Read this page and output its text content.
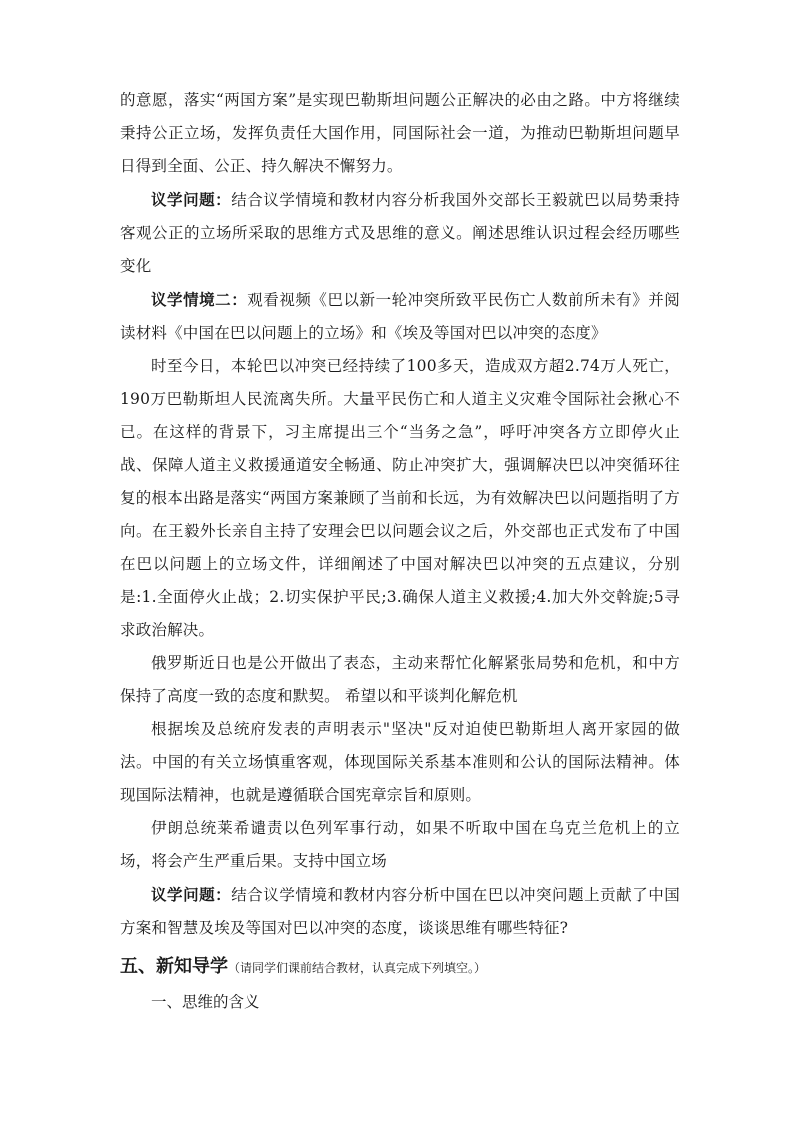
的意愿，落实“两国方案”是实现巴勒斯坦问题公正解决的必由之路。中方将继续秉持公正立场，发挥负责任大国作用，同国际社会一道，为推动巴勒斯坦问题早日得到全面、公正、持久解决不懈努力。

议学问题：结合议学情境和教材内容分析我国外交部长王毅就巴以局势秉持客观公正的立场所采取的思维方式及思维的意义。阐述思维认识过程会经历哪些变化

议学情境二：观看视频《巴以新一轮冲突所致平民伤亡人数前所未有》并阅读材料《中国在巴以问题上的立场》和《埃及等国对巴以冲突的态度》

时至今日，本轮巴以冲突已经持续了100多天，造成双方超2.74万人死亡，190万巴勒斯坦人民流离失所。大量平民伤亡和人道主义灾难令国际社会揪心不已。在这样的背景下，习主席提出三个“当务之急”，呼吁冲突各方立即停火止战、保障人道主义救援通道安全畅通、防止冲突扩大，强调解决巴以冲突循环往复的根本出路是落实“两国方案兼顾了当前和长远，为有效解决巴以问题指明了方向。在王毅外长亲自主持了安理会巴以问题会议之后，外交部也正式发布了中国在巴以问题上的立场文件，详细阐述了中国对解决巴以冲突的五点建议，分别是:1.全面停火止战；2.切实保护平民;3.确保人道主义救援;4.加大外交斡旋;5寻求政治解决。

俄罗斯近日也是公开做出了表态，主动来帮忙化解紧张局势和危机，和中方保持了高度一致的态度和默契。 希望以和平谈判化解危机

根据埃及总统府发表的声明表示"坚决"反对迫使巴勒斯坦人离开家园的做法。中国的有关立场慎重客观，体现国际关系基本准则和公认的国际法精神。体现国际法精神，也就是遵循联合国宪章宗旨和原则。

伊朗总统莱希谴责以色列军事行动，如果不听取中国在乌克兰危机上的立场，将会产生严重后果。支持中国立场

议学问题：结合议学情境和教材内容分析中国在巴以冲突问题上贡献了中国方案和智慧及埃及等国对巴以冲突的态度，谈谈思维有哪些特征?

五、新知导学（请同学们课前结合教材，认真完成下列填空。）

一、思维的含义
